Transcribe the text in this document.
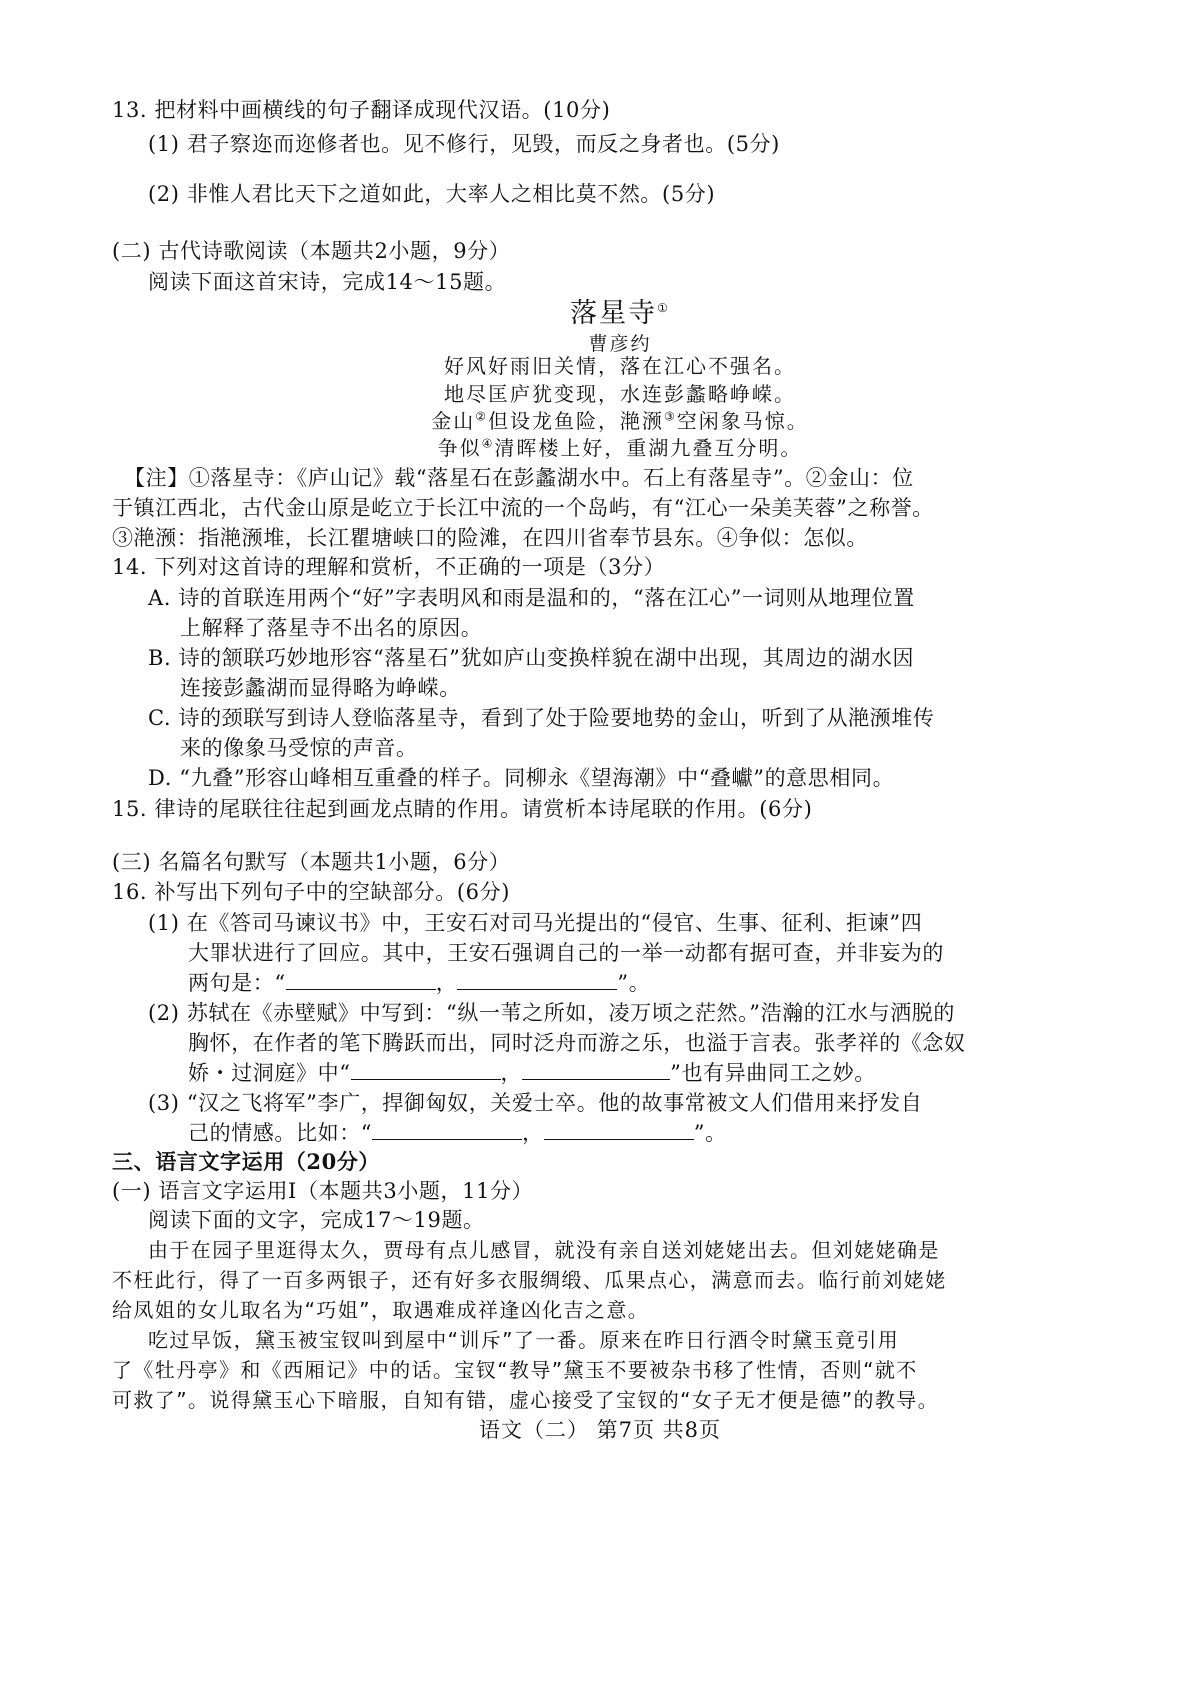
13. 把材料中画横线的句子翻译成现代汉语。(10分)
(1) 君子察迩而迩修者也。见不修行，见毁，而反之身者也。(5分)
(2) 非惟人君比天下之道如此，大率人之相比莫不然。(5分)
(二) 古代诗歌阅读（本题共2小题，9分）
阅读下面这首宋诗，完成14～15题。
落星寺①
曹彦约
好风好雨旧关情，落在江心不强名。
地尽匡庐犹变现，水连彭蠡略峥嵘。
金山②但设龙鱼险，滟滪③空闲象马惊。
争似④清晖楼上好，重湖九叠互分明。
【注】①落星寺：《庐山记》载“落星石在彭蠡湖水中。石上有落星寺”。②金山：位
于镇江西北，古代金山原是屹立于长江中流的一个岛屿，有“江心一朵美芙蓉”之称誉。
③滟滪：指滟滪堆，长江瞿塘峡口的险滩，在四川省奉节县东。④争似：怎似。
14. 下列对这首诗的理解和赏析，不正确的一项是（3分）
A. 诗的首联连用两个“好”字表明风和雨是温和的，“落在江心”一词则从地理位置
上解释了落星寺不出名的原因。
B. 诗的颔联巧妙地形容“落星石”犹如庐山变换样貌在湖中出现，其周边的湖水因
连接彭蠡湖而显得略为峥嵘。
C. 诗的颈联写到诗人登临落星寺，看到了处于险要地势的金山，听到了从滟滪堆传
来的像象马受惊的声音。
D. “九叠”形容山峰相互重叠的样子。同柳永《望海潮》中“叠巘”的意思相同。
15. 律诗的尾联往往起到画龙点睛的作用。请赏析本诗尾联的作用。(6分)
(三) 名篇名句默写（本题共1小题，6分）
16. 补写出下列句子中的空缺部分。(6分)
(1) 在《答司马谏议书》中，王安石对司马光提出的“侵官、生事、征利、拒谏”四
大罪状进行了回应。其中，王安石强调自己的一举一动都有据可查，并非妄为的
两句是：“	，	”。
(2) 苏轼在《赤壁赋》中写到：“纵一苇之所如，凌万顷之茫然。”浩瀚的江水与洒脱的
胸怀，在作者的笔下腾跃而出，同时泛舟而游之乐，也溢于言表。张孝祥的《念奴
娇・过洞庭》中“	，	”也有异曲同工之妙。
(3) “汉之飞将军”李广，捍御匈奴，关爱士卒。他的故事常被文人们借用来抒发自
己的情感。比如：“	，	”。
三、语言文字运用（20分）
(一) 语言文字运用Ⅰ（本题共3小题，11分）
阅读下面的文字，完成17～19题。
由于在园子里逛得太久，贾母有点儿感冒，就没有亲自送刘姥姥出去。但刘姥姥确是
不枉此行，得了一百多两银子，还有好多衣服绸缎、瓜果点心，满意而去。临行前刘姥姥
给凤姐的女儿取名为“巧姐”，取遇难成祥逢凶化吉之意。
吃过早饭，黛玉被宝钗叫到屋中“训斥”了一番。原来在昨日行酒令时黛玉竟引用
了《牡丹亭》和《西厢记》中的话。宝钗“教导”黛玉不要被杂书移了性情，否则“就不
可救了”。说得黛玉心下暗服，自知有错，虚心接受了宝钗的“女子无才便是德”的教导。
语文（二） 第7页 共8页
